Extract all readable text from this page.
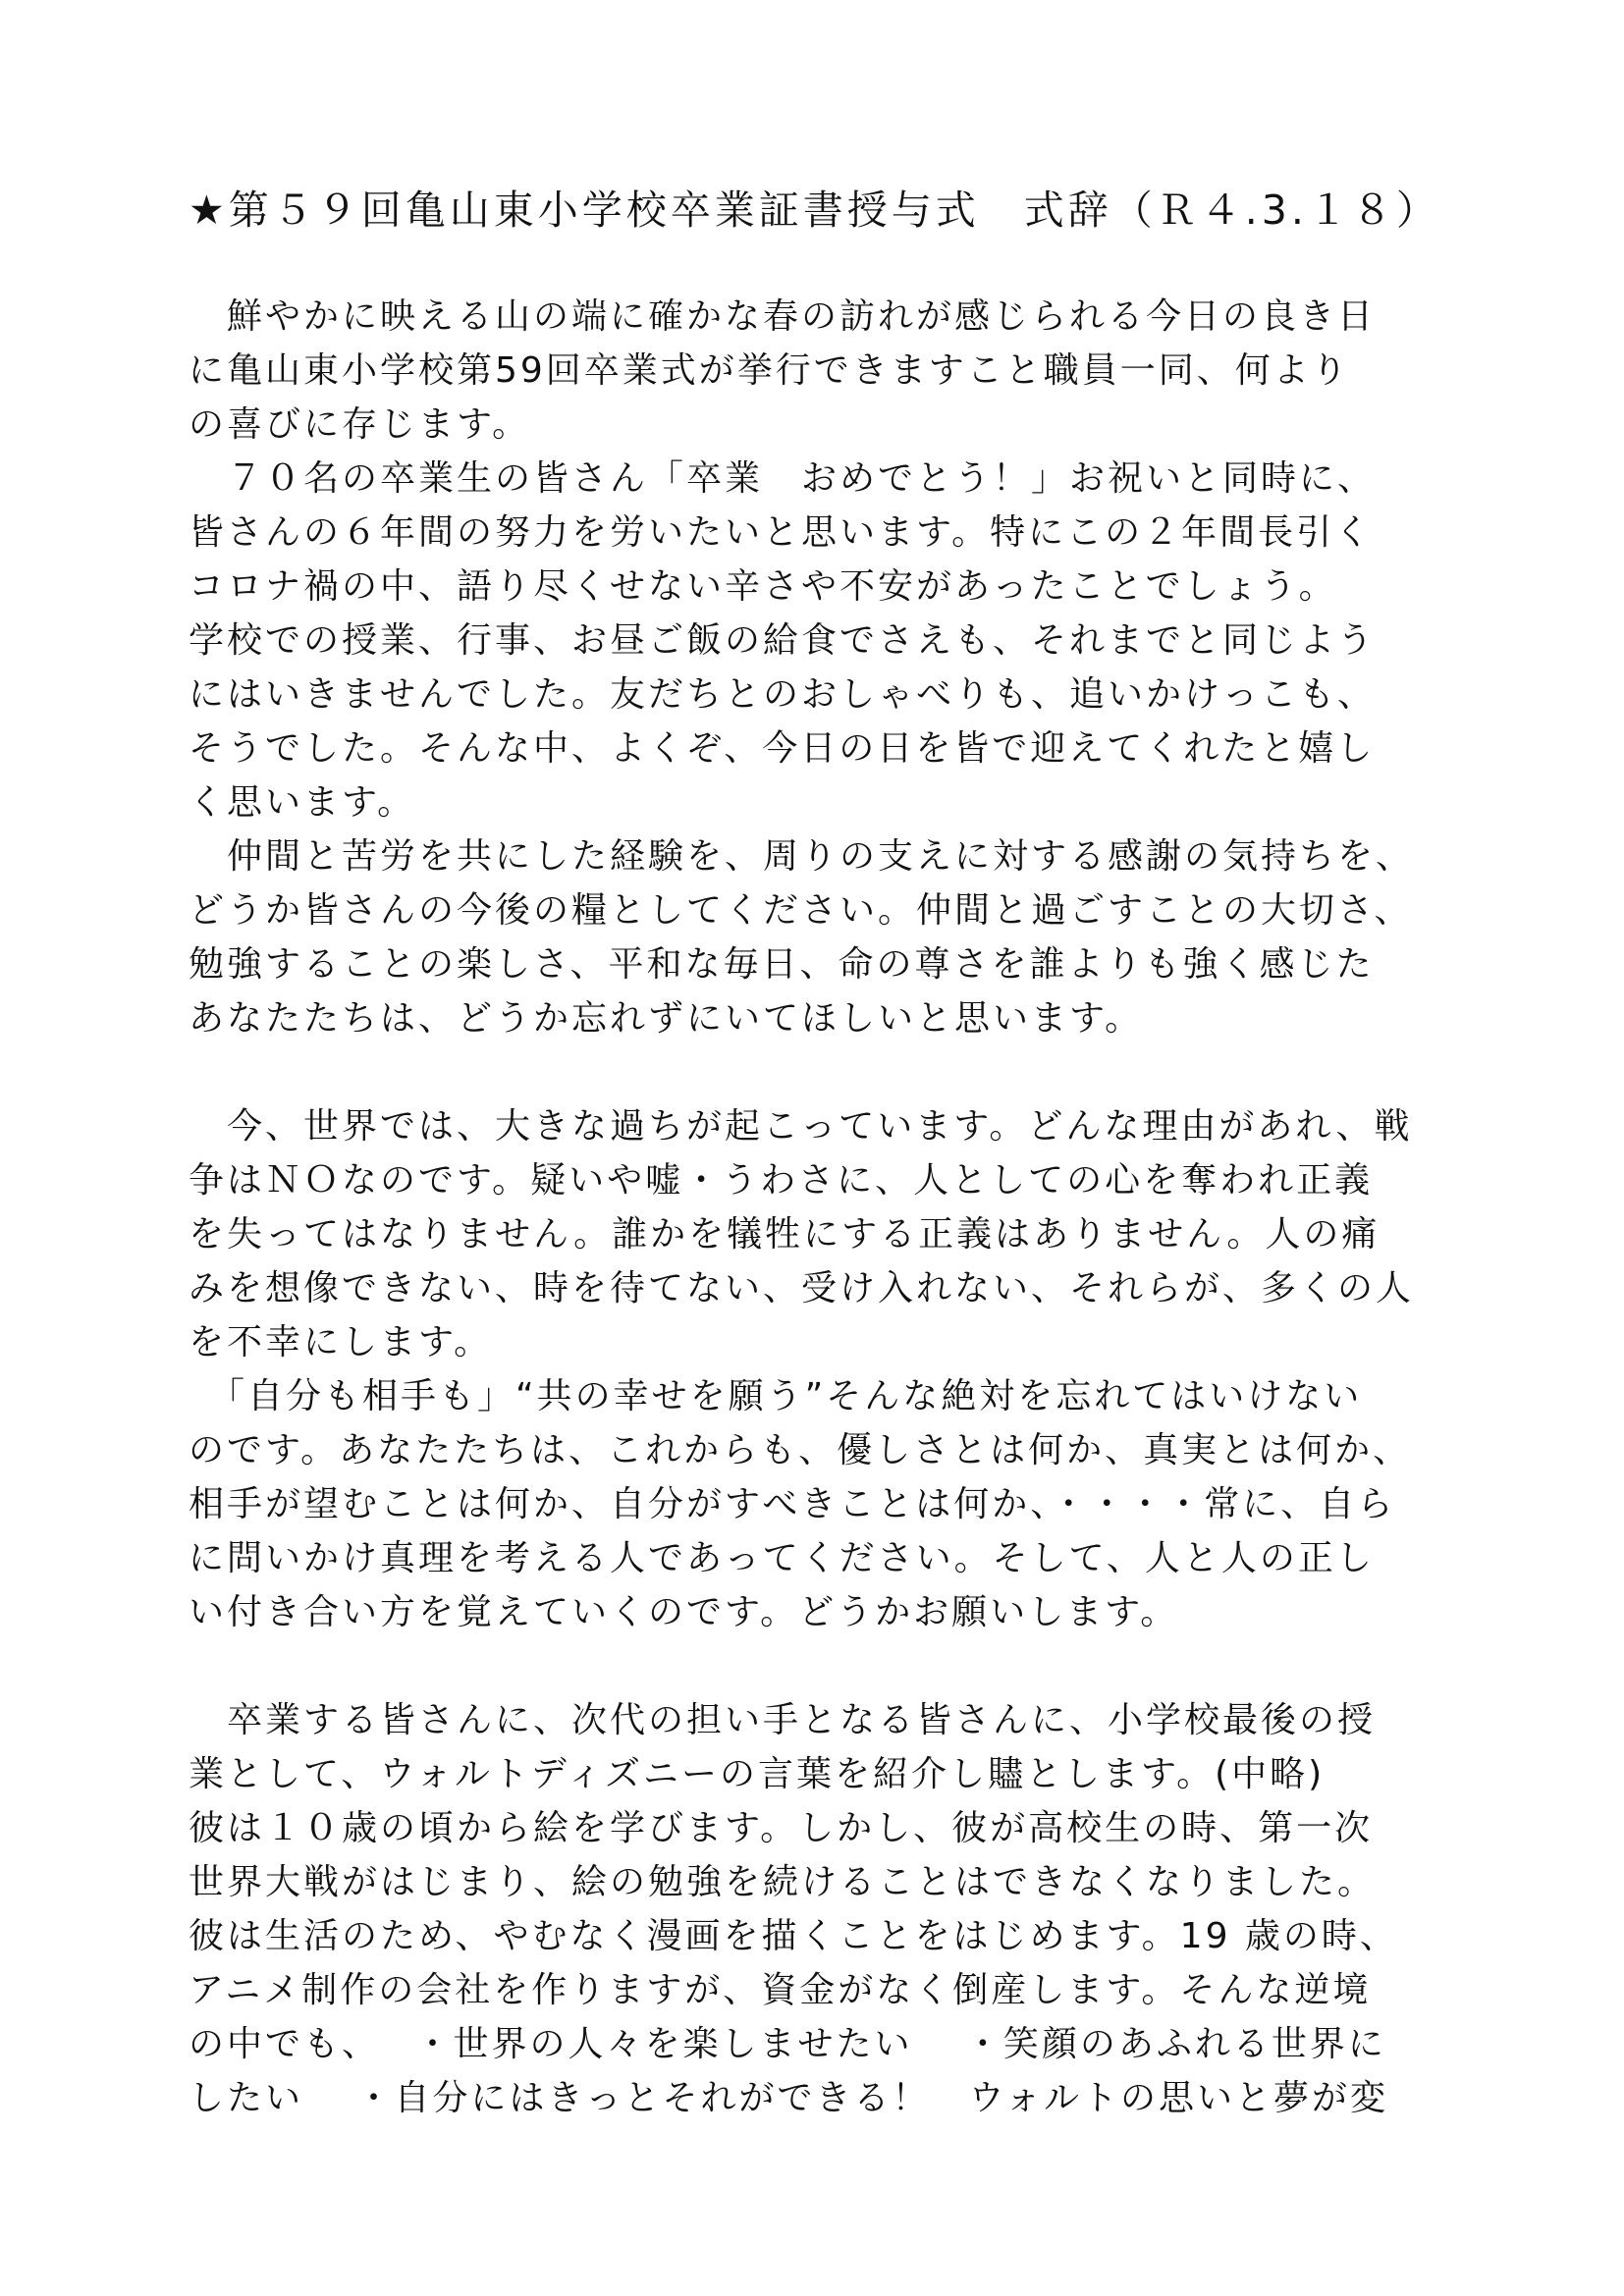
★第５９回亀山東小学校卒業証書授与式　式辞（Ｒ４.3.１８）
　鮮やかに映える山の端に確かな春の訪れが感じられる今日の良き日
に亀山東小学校第59回卒業式が挙行できますこと職員一同、何より
の喜びに存じます。
　７０名の卒業生の皆さん「卒業　おめでとう！」お祝いと同時に、
皆さんの６年間の努力を労いたいと思います。特にこの２年間長引く
コロナ禍の中、語り尽くせない辛さや不安があったことでしょう。
学校での授業、行事、お昼ご飯の給食でさえも、それまでと同じよう
にはいきませんでした。友だちとのおしゃべりも、追いかけっこも、
そうでした。そんな中、よくぞ、今日の日を皆で迎えてくれたと嬉し
く思います。
　仲間と苦労を共にした経験を、周りの支えに対する感謝の気持ちを、
どうか皆さんの今後の糧としてください。仲間と過ごすことの大切さ、
勉強することの楽しさ、平和な毎日、命の尊さを誰よりも強く感じた
あなたたちは、どうか忘れずにいてほしいと思います。
　今、世界では、大きな過ちが起こっています。どんな理由があれ、戦
争はＮＯなのです。疑いや嘘・うわさに、人としての心を奪われ正義
を失ってはなりません。誰かを犠牲にする正義はありません。人の痛
みを想像できない、時を待てない、受け入れない、それらが、多くの人
を不幸にします。
　「自分も相手も」“共の幸せを願う”そんな絶対を忘れてはいけない
のです。あなたたちは、これからも、優しさとは何か、真実とは何か、
相手が望むことは何か、自分がすべきことは何か、・・・・常に、自ら
に問いかけ真理を考える人であってください。そして、人と人の正し
い付き合い方を覚えていくのです。どうかお願いします。
　卒業する皆さんに、次代の担い手となる皆さんに、小学校最後の授
業として、ウォルトディズニーの言葉を紹介し贐とします。(中略)
彼は１０歳の頃から絵を学びます。しかし、彼が高校生の時、第一次
世界大戦がはじまり、絵の勉強を続けることはできなくなりました。
彼は生活のため、やむなく漫画を描くことをはじめます。19 歳の時、
アニメ制作の会社を作りますが、資金がなく倒産します。そんな逆境
の中でも、　 ・世界の人々を楽しませたい　 ・笑顔のあふれる世界に
したい　 ・自分にはきっとそれができる！　ウォルトの思いと夢が変
